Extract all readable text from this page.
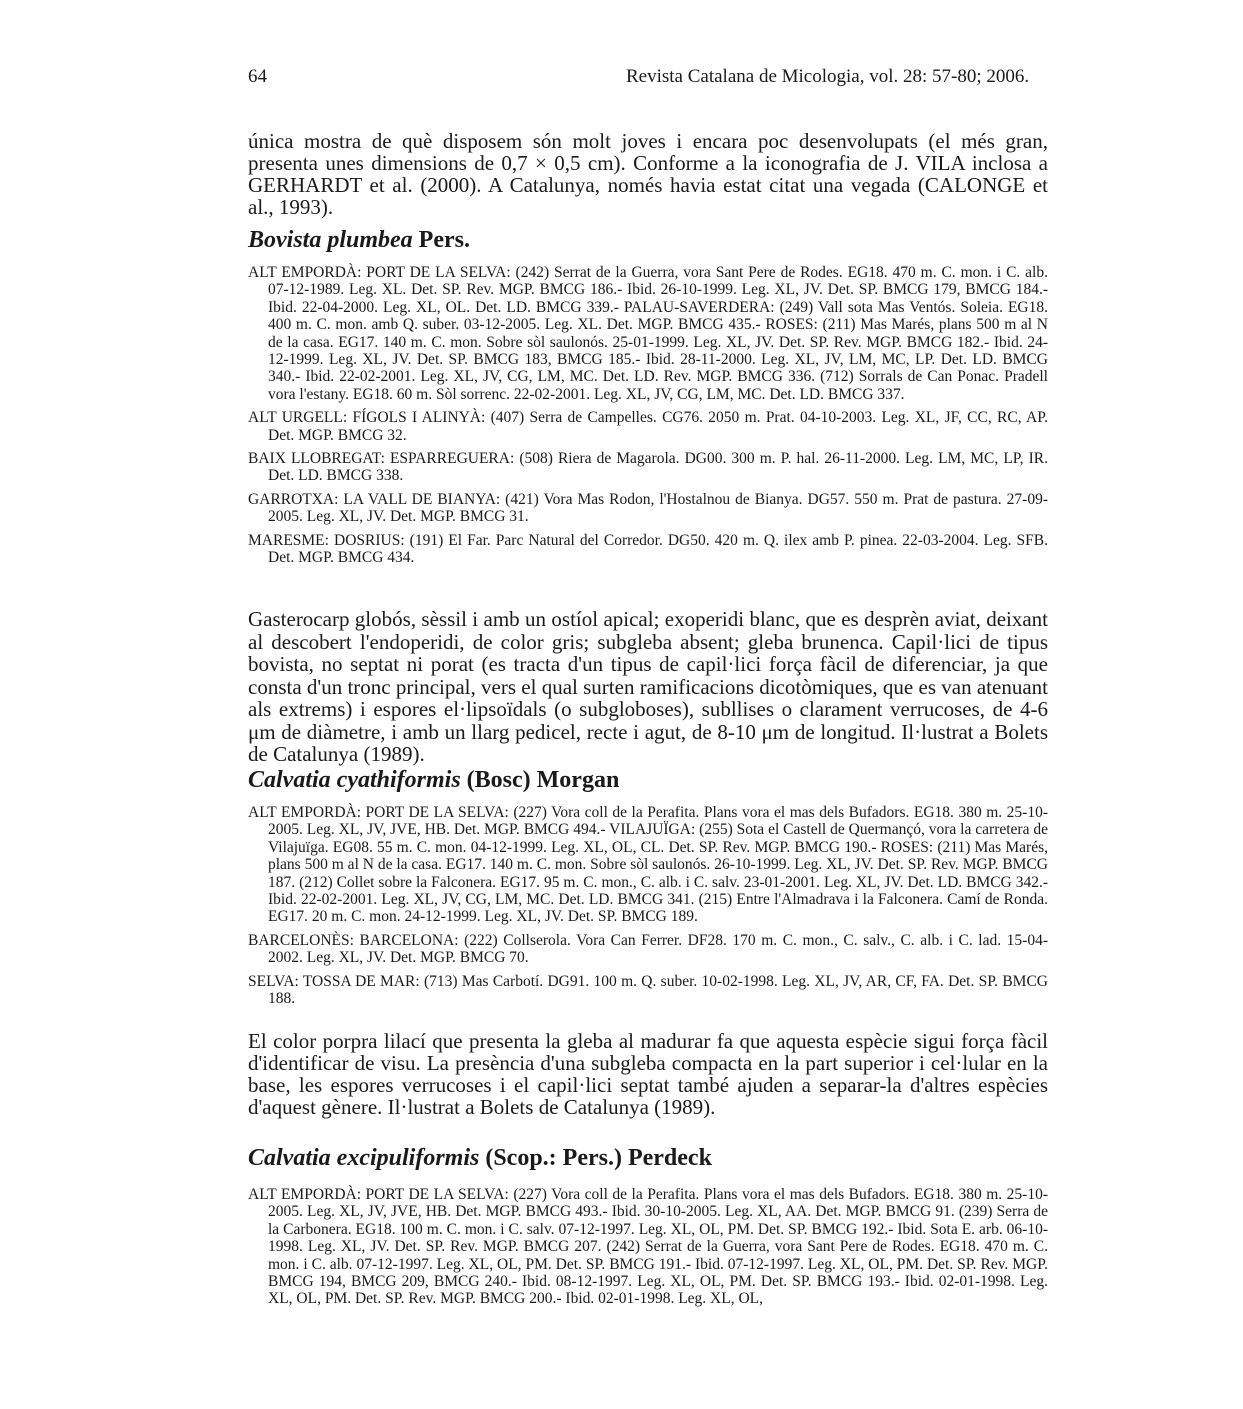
64	Revista Catalana de Micologia, vol. 28: 57-80; 2006.

única mostra de què disposem són molt joves i encara poc desenvolupats (el més gran, presenta unes dimensions de 0,7 × 0,5 cm). Conforme a la iconografia de J. VILA inclosa a GERHARDT et al. (2000). A Catalunya, només havia estat citat una vegada (CALONGE et al., 1993).

Bovista plumbea Pers.

ALT EMPORDÀ: PORT DE LA SELVA: (242) Serrat de la Guerra, vora Sant Pere de Rodes. EG18. 470 m. C. mon. i C. alb. 07-12-1989. Leg. XL. Det. SP. Rev. MGP. BMCG 186.- Ibid. 26-10-1999. Leg. XL, JV. Det. SP. BMCG 179, BMCG 184.- Ibid. 22-04-2000. Leg. XL, OL. Det. LD. BMCG 339.- PALAU-SAVERDERA: (249) Vall sota Mas Ventós. Soleia. EG18. 400 m. C. mon. amb Q. suber. 03-12-2005. Leg. XL. Det. MGP. BMCG 435.- ROSES: (211) Mas Marés, plans 500 m al N de la casa. EG17. 140 m. C. mon. Sobre sòl saulonós. 25-01-1999. Leg. XL, JV. Det. SP. Rev. MGP. BMCG 182.- Ibid. 24-12-1999. Leg. XL, JV. Det. SP. BMCG 183, BMCG 185.- Ibid. 28-11-2000. Leg. XL, JV, LM, MC, LP. Det. LD. BMCG 340.- Ibid. 22-02-2001. Leg. XL, JV, CG, LM, MC. Det. LD. Rev. MGP. BMCG 336. (712) Sorrals de Can Ponac. Pradell vora l'estany. EG18. 60 m. Sòl sorrenc. 22-02-2001. Leg. XL, JV, CG, LM, MC. Det. LD. BMCG 337.

ALT URGELL: FÍGOLS I ALINYÀ: (407) Serra de Campelles. CG76. 2050 m. Prat. 04-10-2003. Leg. XL, JF, CC, RC, AP. Det. MGP. BMCG 32.

BAIX LLOBREGAT: ESPARREGUERA: (508) Riera de Magarola. DG00. 300 m. P. hal. 26-11-2000. Leg. LM, MC, LP, IR. Det. LD. BMCG 338.

GARROTXA: LA VALL DE BIANYA: (421) Vora Mas Rodon, l'Hostalnou de Bianya. DG57. 550 m. Prat de pastura. 27-09-2005. Leg. XL, JV. Det. MGP. BMCG 31.

MARESME: DOSRIUS: (191) El Far. Parc Natural del Corredor. DG50. 420 m. Q. ilex amb P. pinea. 22-03-2004. Leg. SFB. Det. MGP. BMCG 434.

Gasterocarp globós, sèssil i amb un ostíol apical; exoperidi blanc, que es desprèn aviat, deixant al descobert l'endoperidi, de color gris; subgleba absent; gleba brunenca. Capil·lici de tipus bovista, no septat ni porat (es tracta d'un tipus de capil·lici força fàcil de diferenciar, ja que consta d'un tronc principal, vers el qual surten ramificacions dicotòmiques, que es van atenuant als extrems) i espores el·lipsoïdals (o subgloboses), subllises o clarament verrucoses, de 4-6 μm de diàmetre, i amb un llarg pedicel, recte i agut, de 8-10 μm de longitud. Il·lustrat a Bolets de Catalunya (1989).

Calvatia cyathiformis (Bosc) Morgan

ALT EMPORDÀ: PORT DE LA SELVA: (227) Vora coll de la Perafita. Plans vora el mas dels Bufadors. EG18. 380 m. 25-10-2005. Leg. XL, JV, JVE, HB. Det. MGP. BMCG 494.- VILAJUÏGA: (255) Sota el Castell de Quermançó, vora la carretera de Vilajuïga. EG08. 55 m. C. mon. 04-12-1999. Leg. XL, OL, CL. Det. SP. Rev. MGP. BMCG 190.- ROSES: (211) Mas Marés, plans 500 m al N de la casa. EG17. 140 m. C. mon. Sobre sòl saulonós. 26-10-1999. Leg. XL, JV. Det. SP. Rev. MGP. BMCG 187. (212) Collet sobre la Falconera. EG17. 95 m. C. mon., C. alb. i C. salv. 23-01-2001. Leg. XL, JV. Det. LD. BMCG 342.- Ibid. 22-02-2001. Leg. XL, JV, CG, LM, MC. Det. LD. BMCG 341. (215) Entre l'Almadrava i la Falconera. Camí de Ronda. EG17. 20 m. C. mon. 24-12-1999. Leg. XL, JV. Det. SP. BMCG 189.

BARCELONÈS: BARCELONA: (222) Collserola. Vora Can Ferrer. DF28. 170 m. C. mon., C. salv., C. alb. i C. lad. 15-04-2002. Leg. XL, JV. Det. MGP. BMCG 70.

SELVA: TOSSA DE MAR: (713) Mas Carbotí. DG91. 100 m. Q. suber. 10-02-1998. Leg. XL, JV, AR, CF, FA. Det. SP. BMCG 188.

El color porpra lilací que presenta la gleba al madurar fa que aquesta espècie sigui força fàcil d'identificar de visu. La presència d'una subgleba compacta en la part superior i cel·lular en la base, les espores verrucoses i el capil·lici septat també ajuden a separar-la d'altres espècies d'aquest gènere. Il·lustrat a Bolets de Catalunya (1989).

Calvatia excipuliformis (Scop.: Pers.) Perdeck

ALT EMPORDÀ: PORT DE LA SELVA: (227) Vora coll de la Perafita. Plans vora el mas dels Bufadors. EG18. 380 m. 25-10-2005. Leg. XL, JV, JVE, HB. Det. MGP. BMCG 493.- Ibid. 30-10-2005. Leg. XL, AA. Det. MGP. BMCG 91. (239) Serra de la Carbonera. EG18. 100 m. C. mon. i C. salv. 07-12-1997. Leg. XL, OL, PM. Det. SP. BMCG 192.- Ibid. Sota E. arb. 06-10-1998. Leg. XL, JV. Det. SP. Rev. MGP. BMCG 207. (242) Serrat de la Guerra, vora Sant Pere de Rodes. EG18. 470 m. C. mon. i C. alb. 07-12-1997. Leg. XL, OL, PM. Det. SP. BMCG 191.- Ibid. 07-12-1997. Leg. XL, OL, PM. Det. SP. Rev. MGP. BMCG 194, BMCG 209, BMCG 240.- Ibid. 08-12-1997. Leg. XL, OL, PM. Det. SP. BMCG 193.- Ibid. 02-01-1998. Leg. XL, OL, PM. Det. SP. Rev. MGP. BMCG 200.- Ibid. 02-01-1998. Leg. XL, OL,
